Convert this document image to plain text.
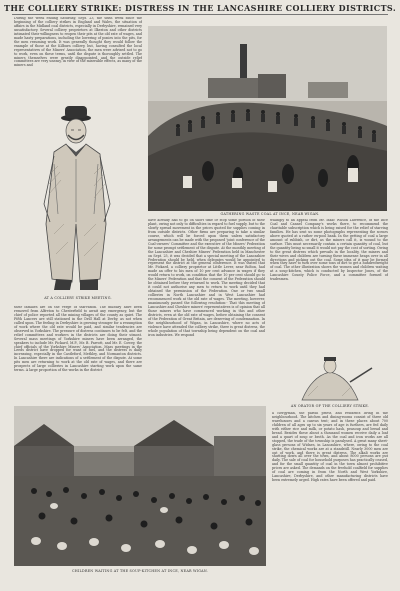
THE COLLIERY STRIKE: DISTRESS IN THE LANCASHIRE COLLIERY DISTRICTS.
During the week ending Saturday, Sept. 23, the sixth week since the beginning of the colliery strikes in England and Wales, the situation of affairs in the Midland coal districts, especially in Derbyshire, remained very unsatisfactory. Several colliery proprietors at Ilkeston and other districts intimated their willingness to reopen their pits at the old rate of wages, and made hasty preparations, including the lowering of ponies into the pits, for the men resuming work. It was generally thought they would follow the example of those at the Kilburn colliery, but, having consulted the local representatives of the Miners' Association, the men were advised not to go to work, even on these terms, until the dispute is thoroughly settled. The miners themselves were greatly disappointed, and the outside relief committees are very uneasy, in view of the miserable effects, as many of the miners and
AT A COLLIERY STRIKE MEETING.
their families are on the verge of starvation. The military have been removed from Alfreton to Chesterfield to await any emergency, but the chief of police reported all the mining villages of the county as quiet. The Fifth Lancers are still stationed in the Drill Hall at Derby, as not when called upon. The feeling in Derbyshire is growing stronger for a resumption of work where the old rate would be paid, and similar tendencies are observed in Yorkshire. The pressure of distress continues to be felt, and the relief committees and workers in the districts are doing their utmost. Several mass meetings of Yorkshire miners have been arranged, the speakers to include Mr. Pickard, M.P., Mr. B. Parrott, and Mr. E. Cowey, the chief officials of the Yorkshire Miners' Association. Mass meetings in the Leeds district have dropped for want of fuel, and the distress is daily increasing, especially in the Castleford, Methley, and Normanton districts. In Lancashire there are indications of a settlement of the dispute. At some pits men are returning to work at the old rate of wages, and there are prospects of large collieries in Lancashire starting work upon the same terms. A large proportion of the works in the district
GATHERING WASTE COAL AT INCE, NEAR WIGAN.
have already had to go on short time or stop some portion of their plant, owing not only to difficulties in regard to fuel supply, but to the slowly spread movement in the prices quoted for supplies coming in from outside districts. Other firms are preparing to take a similar course, which will be forced upon them unless satisfactory arrangements can be made with the proposed 'joint conference of the Coal-owners' Committee and the executive of the Miners' Federation for some prompt settlement of the dispute. At the monthly meeting of the Lancashire and Cheshire Miners' Federation held in Manchester on Sept. 25, it was decided that a special meeting of the Lancashire Federation should be held, when delegates would be appointed to represent the district at the general conference. It was stated that Mr. Pickard, a colliery proprietor at Little Lever, near Bolton, had made an offer to his men of 10 per cent advance in wages if they would return to work, on condition that the 10 per cent should go to the Miners' Federation and that the consent of the Federation should be obtained before they returned to work. The meeting decided that it could not authorise any men to return to work until they had obtained the permission of the Federation. One or two small collieries in North Lancashire and in West Lancashire had recommenced work at the old rate of wages. The meeting, however, unanimously passed the following resolution:- That this meeting of Lancashire and Cheshire miners' representatives is of opinion that all those miners who have commenced working in this and other districts, even at the old rate of wages, before obtaining the consent of the Federation of Great Britain, are deserving of condemnation. In the neighbourhood of Wigan, in Lancashire, where no acts of violence have attended the colliery strike, there is great distress, the whole population of that township being dependent on the coal and iron industries. We respond
willingly to an appeal from Mr. Isaac Wilson Lawrence, of the Ince Coal and Cannel Company's works there, to recommend the charitable subscription which is being raised for the relief of starving families. He has sent us some photographs representing the scenes above quoted at a rather ex-pool bank. In the getting of coal a large amount of rubbish, or dirt, as the miners call it, is wound to the surface. This must necessarily contain a certain quantity of coal, but the quantity being so small it would not pay the cost of sorting. Owing to the great distress which prevails in the locality, the miners and their wives and children are turning these immense heaps over in all directions and picking out the coal. Some idea of it may be formed when they have to turn over some tons of dirt to get a hundredweight of coal. The other illustration shows the women and children waiting at a soup-kitchen, which is conducted by Inspector Jones, of the Lancashire County Police Force, and a committee formed of tradesmen.
CHILDREN WAITING AT THE SOUP-KITCHEN AT INCE, NEAR WIGAN.
AN ORATOR OF THE COLLIERY STRIKE.
a clergyman, the parish priest, and residents living in the neighbourhood. The kitchen and dining-rooms consist of three old warehouses and a canvas tent; and in these places about 700 children of all ages up to six years of age is furthers, are fed daily with either rice and milk, or potato hash, peasoup and bread and bread. Besides these about a thousand women receive daily a loaf and a quart of soup or broth. As the coal and iron works are all stopped, the trade of the township is paralysed. A great many sheet-glass persons of Widnes, in Lancashire, where, owing to the coal strike, the chemical works are at a standstill. Nearly 3000 men are out of work, and there is great distress. The alkali works are shutting down all over the town, and about 8000 persons are put daily. The sale of coal for household purposes has practically ceased, and for the small quantity of coal in the town almost prohibitive prices are asked. The demands on the freehold coalfield for supplies of coal are coming in from the North and West Yorkshire, Lancashire, Derbyshire, and other manufacturing districts have been extremely urged. High rates have been offered and paid.
